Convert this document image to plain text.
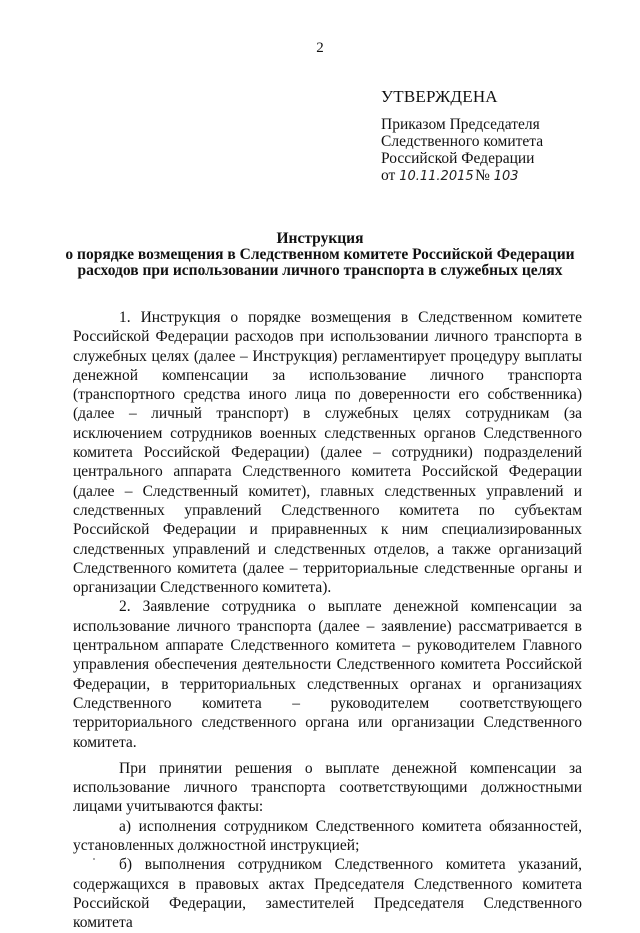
2
УТВЕРЖДЕНА
Приказом Председателя
Следственного комитета
Российской Федерации
от 10.11.2015 № 103
Инструкция
о порядке возмещения в Следственном комитете Российской Федерации
расходов при использовании личного транспорта в служебных целях

1. Инструкция о порядке возмещения в Следственном комитете Российской Федерации расходов при использовании личного транспорта в служебных целях (далее – Инструкция) регламентирует процедуру выплаты денежной компенсации за использование личного транспорта (транспортного средства иного лица по доверенности его собственника) (далее – личный транспорт) в служебных целях сотрудникам (за исключением сотрудников военных следственных органов Следственного комитета Российской Федерации) (далее – сотрудники) подразделений центрального аппарата Следственного комитета Российской Федерации (далее – Следственный комитет), главных следственных управлений и следственных управлений Следственного комитета по субъектам Российской Федерации и приравненных к ним специализированных следственных управлений и следственных отделов, а также организаций Следственного комитета (далее – территориальные следственные органы и организации Следственного комитета).

2. Заявление сотрудника о выплате денежной компенсации за использование личного транспорта (далее – заявление) рассматривается в центральном аппарате Следственного комитета – руководителем Главного управления обеспечения деятельности Следственного комитета Российской Федерации, в территориальных следственных органах и организациях Следственного комитета – руководителем соответствующего территориального следственного органа или организации Следственного комитета.

При принятии решения о выплате денежной компенсации за использование личного транспорта соответствующими должностными лицами учитываются факты:

а) исполнения сотрудником Следственного комитета обязанностей, установленных должностной инструкцией;

б) выполнения сотрудником Следственного комитета указаний, содержащихся в правовых актах Председателя Следственного комитета Российской Федерации, заместителей Председателя Следственного комитета
